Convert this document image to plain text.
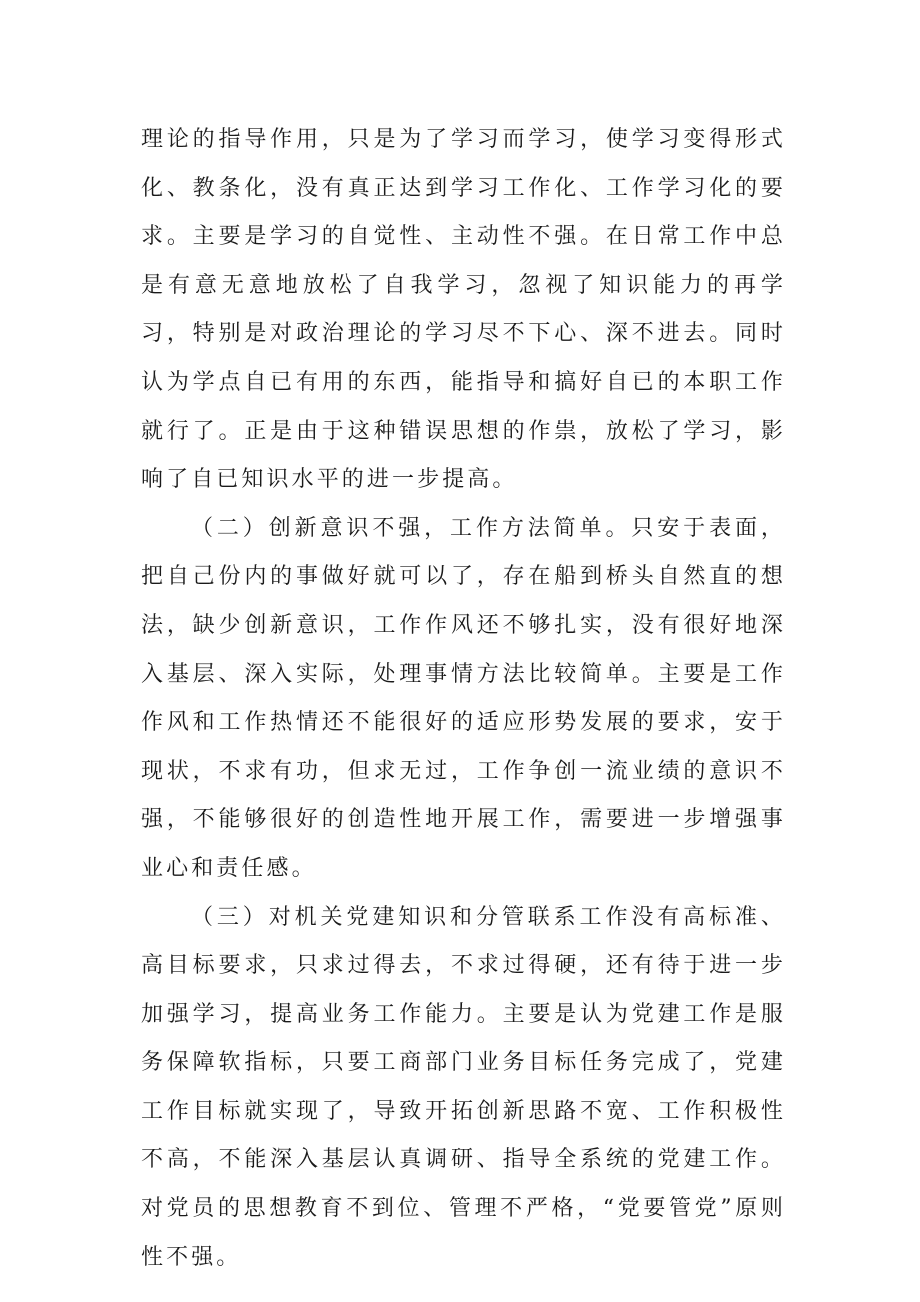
理论的指导作用，只是为了学习而学习，使学习变得形式化、教条化，没有真正达到学习工作化、工作学习化的要求。主要是学习的自觉性、主动性不强。在日常工作中总是有意无意地放松了自我学习，忽视了知识能力的再学习，特别是对政治理论的学习尽不下心、深不进去。同时认为学点自已有用的东西，能指导和搞好自已的本职工作就行了。正是由于这种错误思想的作祟，放松了学习，影响了自已知识水平的进一步提高。

（二）创新意识不强，工作方法简单。只安于表面，把自己份内的事做好就可以了，存在船到桥头自然直的想法，缺少创新意识，工作作风还不够扎实，没有很好地深入基层、深入实际，处理事情方法比较简单。主要是工作作风和工作热情还不能很好的适应形势发展的要求，安于现状，不求有功，但求无过，工作争创一流业绩的意识不强，不能够很好的创造性地开展工作，需要进一步增强事业心和责任感。

（三）对机关党建知识和分管联系工作没有高标准、高目标要求，只求过得去，不求过得硬，还有待于进一步加强学习，提高业务工作能力。主要是认为党建工作是服务保障软指标，只要工商部门业务目标任务完成了，党建工作目标就实现了，导致开拓创新思路不宽、工作积极性不高，不能深入基层认真调研、指导全系统的党建工作。对党员的思想教育不到位、管理不严格，“党要管党”原则性不强。
